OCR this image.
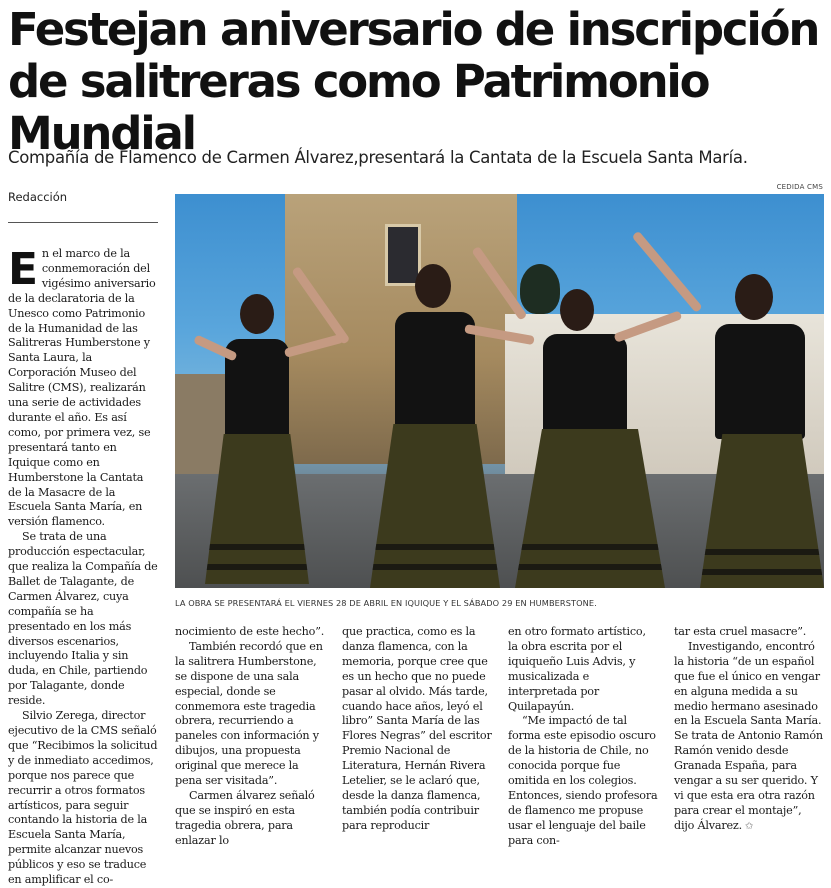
Festejan aniversario de inscripción de salitreras como Patrimonio Mundial

Compañía de Flamenco de Carmen Álvarez,presentará la Cantata de la Escuela Santa María.

Redacción
CEDIDA CMS
LA OBRA SE PRESENTARÁ EL VIERNES 28 DE ABRIL EN IQUIQUE Y EL SÁBADO 29 EN HUMBERSTONE.
E n el marco de la conmemoración del vigésimo aniversario de la declaratoria de la Unesco como Patrimonio de la Humanidad de las Salitreras Humberstone y Santa Laura, la Corporación Museo del Salitre (CMS), realizarán una serie de actividades durante el año. Es así como, por primera vez, se presentará tanto en Iquique como en Humberstone la Cantata de la Masacre de la Escuela Santa María, en versión flamenco.

Se trata de una producción espectacular, que realiza la Compañía de Ballet de Talagante, de Carmen Álvarez, cuya compañía se ha presentado en los más diversos escenarios, incluyendo Italia y sin duda, en Chile, partiendo por Talagante, donde reside.

Silvio Zerega, director ejecutivo de la CMS señaló que “Recibimos la solicitud y de inmediato accedimos, porque nos parece que recurrir a otros formatos artísticos, para seguir contando la historia de la Escuela Santa María, permite alcanzar nuevos públicos y eso se traduce en amplificar el co-

nocimiento de este hecho”.

También recordó que en la salitrera Humberstone, se dispone de una sala especial, donde se conmemora este tragedia obrera, recurriendo a paneles con información y dibujos, una propuesta original que merece la pena ser visitada”.

Carmen álvarez señaló que se inspiró en esta tragedia obrera, para enlazar lo

que practica, como es la danza flamenca, con la memoria, porque cree que es un hecho que no puede pasar al olvido. Más tarde, cuando hace años, leyó el libro” Santa María de las Flores Negras” del escritor Premio Nacional de Literatura, Hernán Rivera Letelier, se le aclaró que, desde la danza flamenca, también podía contribuir para reproducir

en otro formato artístico, la obra escrita por el iquiqueño Luis Advis, y musicalizada e interpretada por Quilapayún.

“Me impactó de tal forma este episodio oscuro de la historia de Chile, no conocida porque fue omitida en los colegios. Entonces, siendo profesora de flamenco me propuse usar el lenguaje del baile para con-

tar esta cruel masacre”.

Investigando, encontró la historia “de un español que fue el único en vengar en alguna medida a su medio hermano asesinado en la Escuela Santa María. Se trata de Antonio Ramón Ramón venido desde Granada España, para vengar a su ser querido. Y vi que esta era otra razón para crear el montaje”, dijo Álvarez. ✩
